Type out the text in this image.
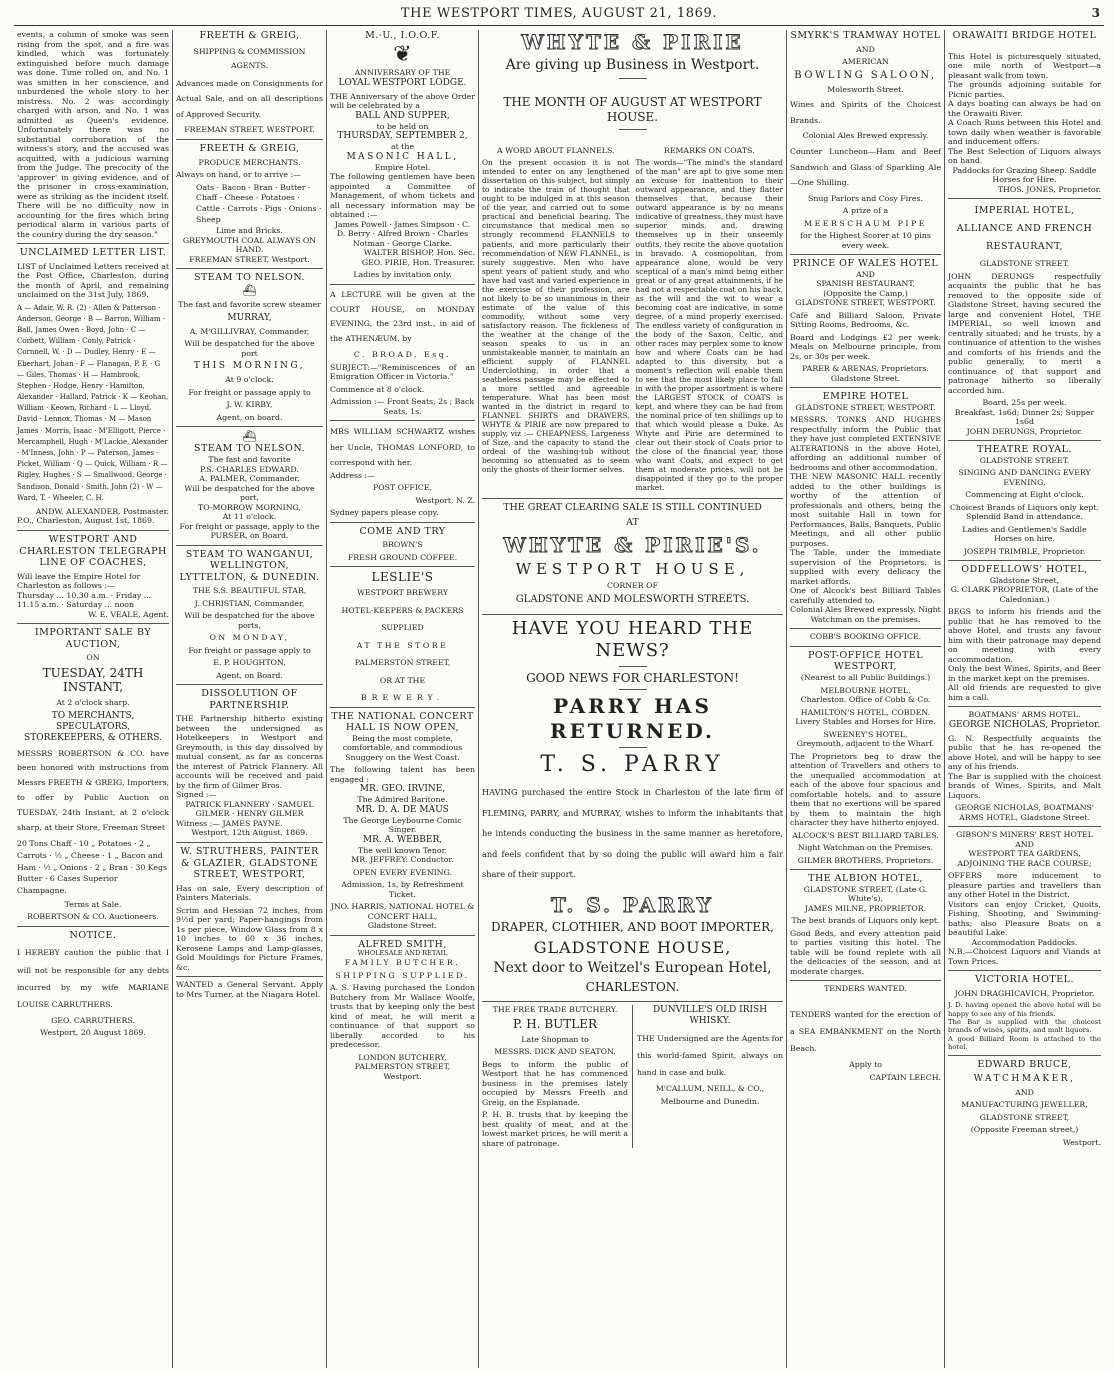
THE WESTPORT TIMES, AUGUST 21, 1869.	3

events, a column of smoke was seen rising from the spot, and a fire was kindled, which was fortunately extinguished before much damage was done. Time rolled on, and No. 1 was smitten in her conscience, and unburdened the whole story to her mistress. No. 2 was accordingly charged with arson, and No. 1 was admitted as Queen's evidence. Unfortunately there was no substantial corroboration of the witness's story, and the accused was acquitted, with a judicious warning from the Judge. The precocity of the 'approver' in giving evidence, and of the prisoner in cross-examination, were as striking as the incident itself. There will be no difficulty now in accounting for the fires which bring periodical alarm in various parts of the country during the dry season."

UNCLAIMED LETTER LIST.

LIST of Unclaimed Letters received at the Post Office, Charleston, during the month of April, and remaining unclaimed on the 31st July, 1869.

A — Adair, W. R. (2) · Allen & Patterson · Anderson, George · B — Barron, William · Ball, James Owen · Boyd, John · C — Corbett, William · Conly, Patrick · Cornnell, W. · D — Dudley, Henry · E — Eberhart, Johan · F — Flanagan, P. F. · G — Giles, Thomas · H — Hambrook, Stephen · Hodge, Henry · Hamilton, Alexander · Hallard, Patrick · K — Keohan, William · Keown, Richard · L — Lloyd, David · Lennox, Thomas · M — Mason James · Morris, Isaac · M'Elligott, Pierce · Mercamphell, Hugh · M'Lackie, Alexander · M'Inness, John · P — Paterson, James · Picket, William · Q — Quick, William · R — Rigley, Hughes · S — Smallwood, George · Sandison, Donald · Smith, John (2) · W — Ward, T. · Wheeler, C. H.

ANDW. ALEXANDER, Postmaster.

P.O., Charleston, August 1st, 1869.

WESTPORT AND CHARLESTON TELEGRAPH LINE OF COACHES,

Will leave the Empire Hotel for Charleston as follows :—

Thursday ... 10.30 a.m. · Friday ... 11.15 a.m. · Saturday ... noon

W. E. VEALE, Agent.

IMPORTANT SALE BY AUCTION,

ON

TUESDAY, 24TH INSTANT,

At 2 o'clock sharp.

TO MERCHANTS, SPECULATORS, STOREKEEPERS, & OTHERS.

MESSRS ROBERTSON & CO. have been honored with instructions from Messrs FREETH & GREIG, Importers, to offer by Public Auction on TUESDAY, 24th Instant, at 2 o'clock sharp, at their Store, Freeman Street

20 Tons Chaff · 10 „ Potatoes · 2 „ Carrots · ½ „ Cheese · 1 „ Bacon and Ham · ½ „ Onions · 2 „ Bran · 30 Kegs Butter · 6 Cases Superior Champagne.

Terms at Sale.

ROBERTSON & CO. Auctioneers.

NOTICE.

I HEREBY caution the public that I will not be responsible for any debts incurred by my wife MARIANE LOUISE CARRUTHERS.

GEO. CARRUTHERS.

Westport, 20 August 1869.

FREETH & GREIG,

SHIPPING & COMMISSION AGENTS.

Advances made on Consignments for Actual Sale, and on all descriptions of Approved Security.

FREEMAN STREET, WESTPORT.

FREETH & GREIG,

PRODUCE MERCHANTS.

Always on hand, or to arrive :—

Oats · Bacon · Bran · Butter · Chaff · Cheese · Potatoes · Cattle · Carrots · Pigs · Onions · Sheep

Lime and Bricks.

GREYMOUTH COAL ALWAYS ON HAND.

FREEMAN STREET, Westport.

STEAM TO NELSON.
⛴

The fast and favorite screw steamer

MURRAY,

A. M'GILLIVRAY, Commander,

Will be despatched for the above port

THIS MORNING,

At 9 o'clock.

For freight or passage apply to

J. W. KIRBY,

Agent, on board.

⛴
STEAM TO NELSON.

The fast and favorite

P.S. CHARLES EDWARD.

A. PALMER, Commander,

Will be despatched for the above port,

TO-MORROW MORNING,

At 11 o'clock.

For freight or passage, apply to the PURSER, on Board.

STEAM TO WANGANUI, WELLINGTON, LYTTELTON, & DUNEDIN.

THE S.S. BEAUTIFUL STAR,

J. CHRISTIAN, Commander,

Will be despatched for the above ports,

ON MONDAY,

For freight or passage apply to

E. P. HOUGHTON,

Agent, on Board.

DISSOLUTION OF PARTNERSHIP.

THE Partnership hitherto existing between the undersigned as Hotelkeepers in Westport and Greymouth, is this day dissolved by mutual consent, as far as concerns the interest of Patrick Flannery. All accounts will be received and paid by the firm of Gilmer Bros.

Signed :—

PATRICK FLANNERY · SAMUEL GILMER · HENRY GILMER

Witness :— JAMES PAYNE.

Westport, 12th August, 1869.

W. STRUTHERS, PAINTER & GLAZIER, GLADSTONE STREET, WESTPORT,

Has on sale, Every description of Painters Materials.

Scrim and Hessian 72 inches, from 9½d per yard; Paper-hangings from 1s per piece, Window Glass from 8 x 10 inches to 60 x 36 inches, Kerosene Lamps and Lamp-glasses, Gold Mouldings for Picture Frames, &c.

WANTED a General Servant. Apply to Mrs Turner, at the Niagara Hotel.

M.·U., I.O.O.F.
❦

ANNIVERSARY OF THE

LOYAL WESTPORT LODGE.

THE Anniversary of the above Order will be celebrated by a

BALL AND SUPPER,

to be held on

THURSDAY, SEPTEMBER 2,

at the

MASONIC HALL,

Empire Hotel.

The following gentlemen have been appointed a Committee of Management, of whom tickets and all necessary information may be obtained :—

James Powell · James Simpson · C. D. Berry · Alfred Brown · Charles Notman · George Clarke.

WALTER BISHOP, Hon. Sec.

GEO. PIRIE, Hon. Treasurer.

Ladies by invitation only.

A LECTURE will be given at the COURT HOUSE, on MONDAY EVENING, the 23rd inst., in aid of the ATHENÆUM, by

C. BROAD, Esq.

SUBJECT:—"Reminiscences of an Emigration Officer in Victoria."

Commence at 8 o'clock.

Admission :— Front Seats, 2s ; Back Seats, 1s.

MRS WILLIAM SCHWARTZ wishes her Uncle, THOMAS LONFORD, to correspond with her.

Address :—

POST OFFICE,

Westport, N. Z.

Sydney papers please copy.

COME AND TRY

BROWN'S

FRESH GROUND COFFEE.

LESLIE'S

WESTPORT BREWERY

HOTEL-KEEPERS & PACKERS

SUPPLIED

AT THE STORE

PALMERSTON STREET,

OR AT THE

BREWERY.

THE NATIONAL CONCERT HALL IS NOW OPEN,

Being the most complete, comfortable, and commodious Snuggery on the West Coast.

The following talent has been engaged :

MR. GEO. IRVINE,

The Admired Baritone.

MR. D. A. DE MAUS

The George Leybourne Comic Singer.

MR. A. WEBBER,

The well known Tenor.

MR. JEFFREY: Conductor.

OPEN EVERY EVENING.

Admission, 1s, by Refreshment Ticket.

JNO. HARRIS, NATIONAL HOTEL & CONCERT HALL,

Gladstone Street.

ALFRED SMITH,

WHOLESALE AND RETAIL

FAMILY BUTCHER.

SHIPPING SUPPLIED.

A. S. Having purchased the London Butchery from Mr Wallace Woolfe, trusts that by keeping only the best kind of meat, he will merit a continuance of that support so liberally accorded to his predecessor.

LONDON BUTCHERY,

PALMERSTON STREET,

Westport.

WHYTE & PIRIE

Are giving up Business in Westport.

THE MONTH OF AUGUST AT WESTPORT HOUSE.

A WORD ABOUT FLANNELS.

On the present occasion it is not intended to enter on any lengthened dissertation on this subject, but simply to indicate the train of thought that ought to be indulged in at this season of the year, and carried out to some practical and beneficial bearing. The circumstance that medical men so strongly recommend FLANNELS to patients, and more particularly their recommendation of NEW FLANNEL, is surely suggestive. Men who have spent years of patient study, and who have had vast and varied experience in the exercise of their profession, are not likely to be so unanimous in their estimate of the value of this commodity, without some very satisfactory reason. The fickleness of the weather at the change of the season speaks to us in an unmistakeable manner, to maintain an efficient supply of FLANNEL Underclothing, in order that a seatheless passage may be effected to a more settled and agreeable temperature. What has been most wanted in the district in regard to FLANNEL SHIRTS and DRAWERS, WHYTE & PIRIE are now prepared to supply, viz :— CHEAPNESS, Largeness of Size, and the capacity to stand the ordeal of the washing-tub without becoming so attenuated as to seem only the ghosts of their former selves.

REMARKS ON COATS.

The words—"The mind's the standard of the man" are apt to give some men an excuse for inattention to their outward appearance, and they flatter themselves that, because their outward appearance is by no means indicative of greatness, they must have superior minds, and, drawing themselves up in their unseemly outfits, they recite the above quotation in bravado. A cosmopolitan, from appearance alone, would be very sceptical of a man's mind being either great or of any great attainments, if he had not a respectable coat on his back, as the will and the wit to wear a becoming coat are indicative, in some degree, of a mind properly exercised. The endless variety of configuration in the body of the Saxon, Celtic, and other races may perplex some to know how and where Coats can be had adapted to this diversity, but a moment's reflection will enable them to see that the most likely place to fall in with the proper assortment is where the LARGEST STOCK of COATS is kept, and where they can be had from the nominal price of ten shillings up to that which would please a Duke. As Whyte and Pirie are determined to clear out their stock of Coats prior to the close of the financial year, those who want Coats, and expect to get them at moderate prices, will not be disappointed if they go to the proper market.

THE GREAT CLEARING SALE IS STILL CONTINUED

AT

WHYTE & PIRIE'S.

WESTPORT HOUSE,

CORNER OF

GLADSTONE AND MOLESWORTH STREETS.

HAVE YOU HEARD THE NEWS?

GOOD NEWS FOR CHARLESTON!

PARRY HAS RETURNED.

T. S. PARRY

HAVING purchased the entire Stock in Charleston of the late firm of FLEMING, PARRY, and MURRAY, wishes to inform the inhabitants that he intends conducting the business in the same manner as heretofore, and feels confident that by so doing the public will award him a fair share of their support.

T. S. PARRY

DRAPER, CLOTHIER, AND BOOT IMPORTER,

GLADSTONE HOUSE,

Next door to Weitzel's European Hotel,

CHARLESTON.

THE FREE TRADE BUTCHERY.

P. H. BUTLER

Late Shopman to

MESSRS. DICK AND SEATON,

Begs to inform the public of Westport that he has commenced business in the premises lately occupied by Messrs Freeth and Greig, on the Esplanade.

P. H. B. trusts that by keeping the best quality of meat, and at the lowest market prices, he will merit a share of patronage.

DUNVILLE'S OLD IRISH WHISKY.

THE Undersigned are the Agents for this world-famed Spirit, always on hand in case and bulk.

M'CALLUM, NEILL, & CO.,

Melbourne and Dunedin.

SMYRK'S TRAMWAY HOTEL

AND

AMERICAN

BOWLING SALOON,

Molesworth Street.

Wines and Spirits of the Choicest Brands.

Colonial Ales Brewed expressly.

Counter Luncheon—Ham and Beef Sandwich and Glass of Sparkling Ale—One Shilling.

Snug Parlors and Cosy Fires.

A prize of a

MEERSCHAUM PIPE

for the Highest Scorer at 10 pins every week.

PRINCE OF WALES HOTEL

AND

SPANISH RESTAURANT,

(Opposite the Camp,)

GLADSTONE STREET, WESTPORT.

Café and Billiard Saloon, Private Sitting Rooms, Bedrooms, &c.

Board and Lodgings £2 per week. Meals on Melbourne principle, from 2s, or 30s per week.

PARER & ARENAS, Proprietors. Gladstone Street.

EMPIRE HOTEL

GLADSTONE STREET, WESTPORT.

MESSRS. TONKS AND HUGHES respectfully inform the Public that they have just completed EXTENSIVE ALTERATIONS in the above Hotel, affording an additional number of bedrooms and other accommodation.

THE NEW MASONIC HALL recently added to the other buildings is worthy of the attention of professionals and others, being the most suitable Hall in town for Performances, Balls, Banquets, Public Meetings, and all other public purposes.

The Table, under the immediate supervision of the Proprietors, is supplied with every delicacy the market affords.

One of Alcock's best Billiard Tables carefully attended to.

Colonial Ales Brewed expressly. Night Watchman on the premises.

COBB'S BOOKING OFFICE.

POST-OFFICE HOTEL WESTPORT,

(Nearest to all Public Buildings.)

MELBOURNE HOTEL,

Charleston. Office of Cobb & Co.

HAMILTON'S HOTEL, COBDEN. Livery Stables and Horses for Hire.

SWEENEY'S HOTEL,

Greymouth, adjacent to the Wharf.

The Proprietors beg to draw the attention of Travellers and others to the unequalled accommodation at each of the above four spacious and comfortable hotels, and to assure them that no exertions will be spared by them to maintain the high character they have hitherto enjoyed.

ALCOCK'S BEST BILLIARD TABLES.

Night Watchman on the Premises.

GILMER BROTHERS, Proprietors.

THE ALBION HOTEL,

GLADSTONE STREET, (Late G. White's),

JAMES MILNE, PROPRIETOR.

The best brands of Liquors only kept.

Good Beds, and every attention paid to parties visiting this hotel. The table will be found replete with all the delicacies of the season, and at moderate charges.

TENDERS WANTED.

TENDERS wanted for the erection of a SEA EMBANKMENT on the North Beach.

Apply to

CAPTAIN LEECH.

ORAWAITI BRIDGE HOTEL

This Hotel is picturesquely situated, one mile north of Westport—a pleasant walk from town.

The grounds adjoining suitable for Picnic parties.

A days boating can always be had on the Orawaiti River.

A Coach Runs between this Hotel and town daily when weather is favorable and inducement offers.

The Best Selection of Liquors always on hand.

Paddocks for Grazing Sheep. Saddle Horses for Hire.

THOS. JONES, Proprietor.

IMPERIAL HOTEL, ALLIANCE AND FRENCH RESTAURANT,

GLADSTONE STREET.

JOHN DERUNGS respectfully acquaints the public that he has removed to the opposite side of Gladstone Street, having secured the large and convenient Hotel, THE IMPERIAL, so well known and centrally situated; and he trusts, by a continuance of attention to the wishes and comforts of his friends and the public generally, to merit a continuance of that support and patronage hitherto so liberally accorded him.

Board, 25s per week.

Breakfast, 1s6d; Dinner 2s; Supper 1s6d

JOHN DERUNGS, Proprietor.

THEATRE ROYAL.

GLADSTONE STREET.

SINGING AND DANCING EVERY EVENING,

Commencing at Eight o'clock.

Choicest Brands of Liquors only kept. Splendid Band in attendance.

Ladies and Gentlemen's Saddle Horses on hire.

JOSEPH TRIMBLE, Proprietor.

ODDFELLOWS' HOTEL,

Gladstone Street,

G. CLARK PROPRIETOR, (Late of the Caledonian.)

BEGS to inform his friends and the public that he has removed to the above Hotel, and trusts any favour him with their patronage may depend on meeting with every accommodation.

Only the best Wines, Spirits, and Beer in the market kept on the premises.

All old friends are requested to give him a call.

BOATMANS' ARMS HOTEL.

GEORGE NICHOLAS, Proprietor.

G. N. Respectfully acquaints the public that he has re-opened the above Hotel, and will be happy to see any of his friends.

The Bar is supplied with the choicest brands of Wines, Spirits, and Malt Liquors.

GEORGE NICHOLAS, BOATMANS' ARMS HOTEL, Gladstone Street.

GIBSON'S MINERS' REST HOTEL

AND

WESTPORT TEA GARDENS,

ADJOINING THE RACE COURSE;

OFFERS more inducement to pleasure parties and travellers than any other Hotel in the District.

Visitors can enjoy Cricket, Quoits, Fishing, Shooting, and Swimming-baths; also Pleasure Boats on a beautiful Lake.

Accommodation Paddocks.

N.B.—Choicest Liquors and Viands at Town Prices.

VICTORIA HOTEL.

JOHN DRAGHICAVICH, Proprietor.

J. D. having opened the above hotel will be happy to see any of his friends.

The Bar is supplied with the choicest brands of wines, spirits, and malt liquors.

A good Billiard Room is attached to the hotel.

EDWARD BRUCE,

WATCHMAKER,

AND

MANUFACTURING JEWELLER,

GLADSTONE STREET,

(Opposite Freeman street,)

Westport.
